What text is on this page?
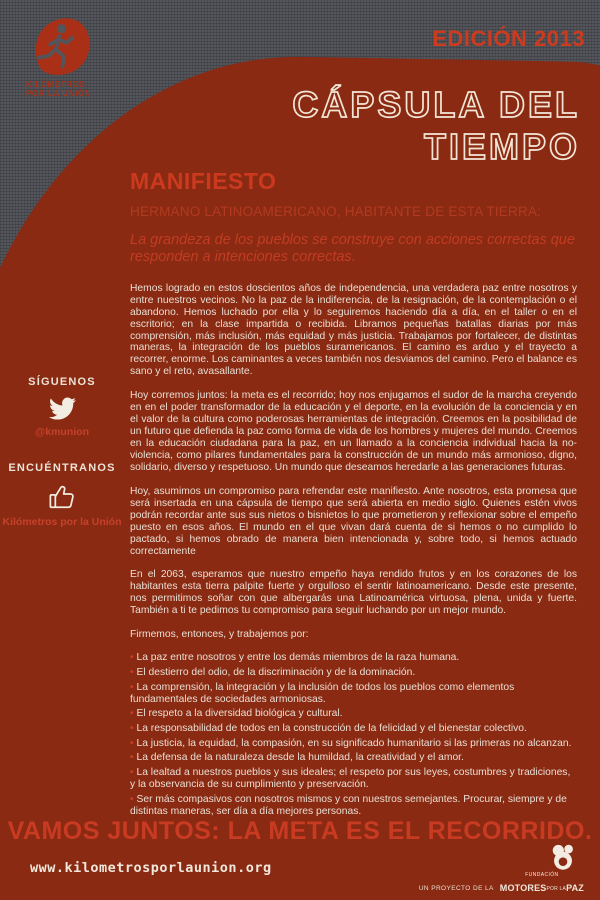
KILÓMETROS
POR LA UNIÓN
EDICIÓN 2013
CÁPSULA DEL
TIEMPO
SÍGUENOS
@kmunion
ENCUÉNTRANOS
Kilómetros por la Unión
MANIFIESTO
HERMANO LATINOAMERICANO, HABITANTE DE ESTA TIERRA:
La grandeza de los pueblos se construye con acciones correctas que responden a intenciones correctas.

Hemos logrado en estos doscientos años de independencia, una verdadera paz entre nosotros y entre nuestros vecinos. No la paz de la indiferencia, de la resignación, de la contemplación o el abandono. Hemos luchado por ella y lo seguiremos haciendo día a día, en el taller o en el escritorio; en la clase impartida o recibida. Libramos pequeñas batallas diarias por más comprensión, más inclusión, más equidad y más justicia. Trabajamos por fortalecer, de distintas maneras, la integración de los pueblos suramericanos. El camino es arduo y el trayecto a recorrer, enorme. Los caminantes a veces también nos desviamos del camino. Pero el balance es sano y el reto, avasallante.

Hoy corremos juntos: la meta es el recorrido; hoy nos enjugamos el sudor de la marcha creyendo en en el poder transformador de la educación y el deporte, en la evolución de la conciencia y en el valor de la cultura como poderosas herramientas de integración. Creemos en la posibilidad de un futuro que defienda la paz como forma de vida de los hombres y mujeres del mundo. Creemos en la educación ciudadana para la paz, en un llamado a la conciencia individual hacia la no-violencia, como pilares fundamentales para la construcción de un mundo más armonioso, digno, solidario, diverso y respetuoso. Un mundo que deseamos heredarle a las generaciones futuras.

Hoy, asumimos un compromiso para refrendar este manifiesto. Ante nosotros, esta promesa que será insertada en una cápsula de tiempo que será abierta en medio siglo. Quienes estén vivos podrán recordar ante sus sus nietos o bisnietos lo que prometieron y reflexionar sobre el empeño puesto en esos años. El mundo en el que vivan dará cuenta de si hemos o no cumplido lo pactado, si hemos obrado de manera bien intencionada y, sobre todo, si hemos actuado correctamente

En el 2063, esperamos que nuestro empeño haya rendido frutos y en los corazones de los habitantes esta tierra palpite fuerte y orgulloso el sentir latinoamericano. Desde este presente, nos permitimos soñar con que albergarás una Latinoamérica virtuosa, plena, unida y fuerte. También a ti te pedimos tu compromiso para seguir luchando por un mejor mundo.

Firmemos, entonces, y trabajemos por:
• La paz entre nosotros y entre los demás miembros de la raza humana.
• El destierro del odio, de la discriminación y de la dominación.
• La comprensión, la integración y la inclusión de todos los pueblos como elementos fundamentales de sociedades armoniosas.
• El respeto a la diversidad biológica y cultural.
• La responsabilidad de todos en la construcción de la felicidad y el bienestar colectivo.
• La justicia, la equidad, la compasión, en su significado humanitario si las primeras no alcanzan.
• La defensa de la naturaleza desde la humildad, la creatividad y el amor.
• La lealtad a nuestros pueblos y sus ideales; el respeto por sus leyes, costumbres y tradiciones, y la observancia de su cumplimiento y preservación.
• Ser más compasivos con nosotros mismos y con nuestros semejantes. Procurar, siempre y de distintas maneras, ser día a día mejores personas.
VAMOS JUNTOS: LA META ES EL RECORRIDO.
www.kilometrosporlaunion.org
UN PROYECTO DE LA
FUNDACIÓN
MOTORESPOR LAPAZ
